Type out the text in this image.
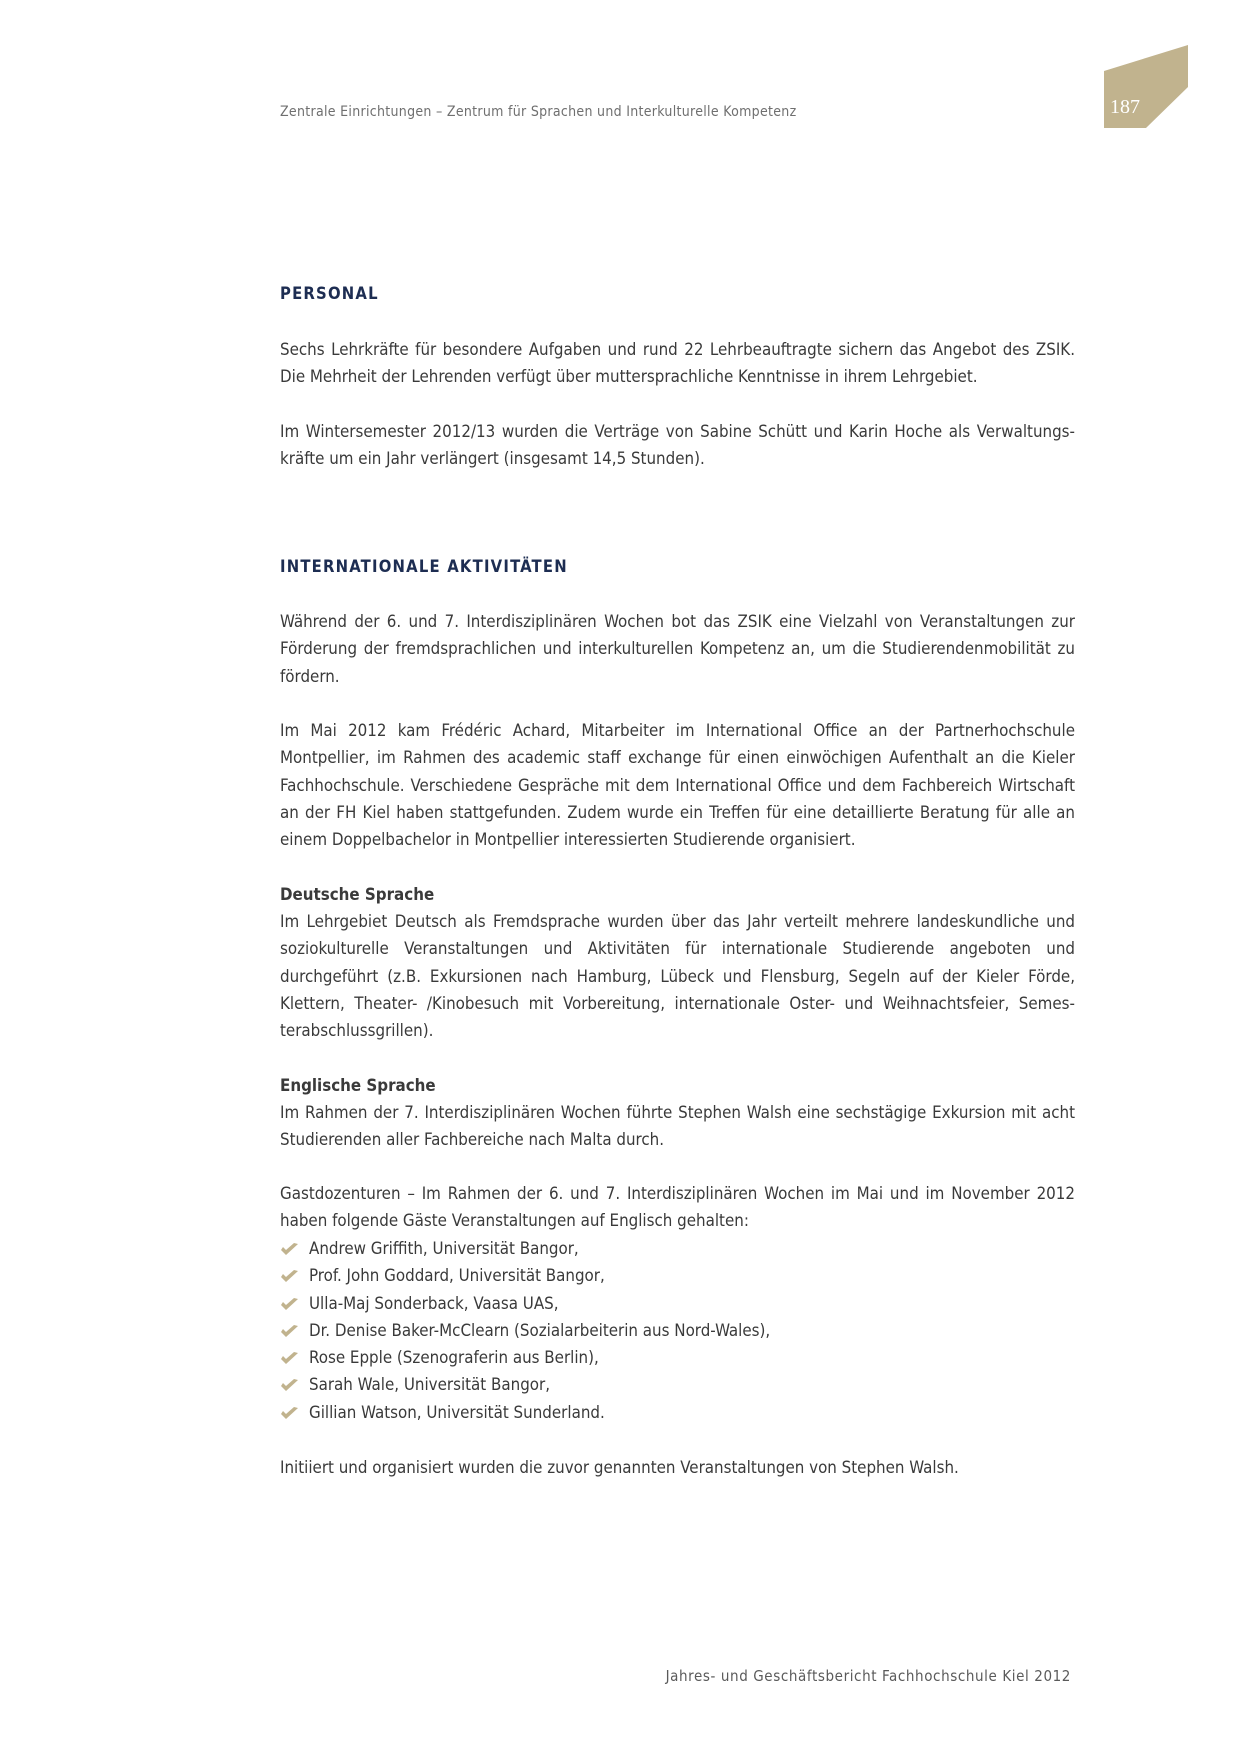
Zentrale Einrichtungen – Zentrum für Sprachen und Interkulturelle Kompetenz	187
PERSONAL

Sechs Lehrkräfte für besondere Aufgaben und rund 22 Lehrbeauftragte sichern das Angebot des ZSIK. Die Mehrheit der Lehrenden verfügt über muttersprachliche Kenntnisse in ihrem Lehrgebiet.

Im Wintersemester 2012/13 wurden die Verträge von Sabine Schütt und Karin Hoche als Verwaltungskräfte um ein Jahr verlängert (insgesamt 14,5 Stunden).

INTERNATIONALE AKTIVITÄTEN

Während der 6. und 7. Interdisziplinären Wochen bot das ZSIK eine Vielzahl von Veranstaltungen zur Förderung der fremdsprachlichen und interkulturellen Kompetenz an, um die Studierendenmobilität zu fördern.

Im Mai 2012 kam Frédéric Achard, Mitarbeiter im International Office an der Partnerhochschule Montpellier, im Rahmen des academic staff exchange für einen einwöchigen Aufenthalt an die Kieler Fachhochschule. Verschiedene Gespräche mit dem International Office und dem Fachbereich Wirtschaft an der FH Kiel haben stattgefunden. Zudem wurde ein Treffen für eine detaillierte Beratung für alle an einem Doppelbachelor in Montpellier interessierten Studierende organisiert.

Deutsche Sprache

Im Lehrgebiet Deutsch als Fremdsprache wurden über das Jahr verteilt mehrere landeskundliche und soziokulturelle Veranstaltungen und Aktivitäten für internationale Studierende angeboten und durchgeführt (z.B. Exkursionen nach Hamburg, Lübeck und Flensburg, Segeln auf der Kieler Förde, Klettern, Theater- /Kinobesuch mit Vorbereitung, internationale Oster- und Weihnachtsfeier, Semesterabschlussgrillen).

Englische Sprache

Im Rahmen der 7. Interdisziplinären Wochen führte Stephen Walsh eine sechstägige Exkursion mit acht Studierenden aller Fachbereiche nach Malta durch.

Gastdozenturen – Im Rahmen der 6. und 7. Interdisziplinären Wochen im Mai und im November 2012 haben folgende Gäste Veranstaltungen auf Englisch gehalten:

Andrew Griffith, Universität Bangor,
Prof. John Goddard, Universität Bangor,
Ulla-Maj Sonderback, Vaasa UAS,
Dr. Denise Baker-McClearn (Sozialarbeiterin aus Nord-Wales),
Rose Epple (Szenograferin aus Berlin),
Sarah Wale, Universität Bangor,
Gillian Watson, Universität Sunderland.

Initiiert und organisiert wurden die zuvor genannten Veranstaltungen von Stephen Walsh.

Jahres- und Geschäftsbericht Fachhochschule Kiel 2012
